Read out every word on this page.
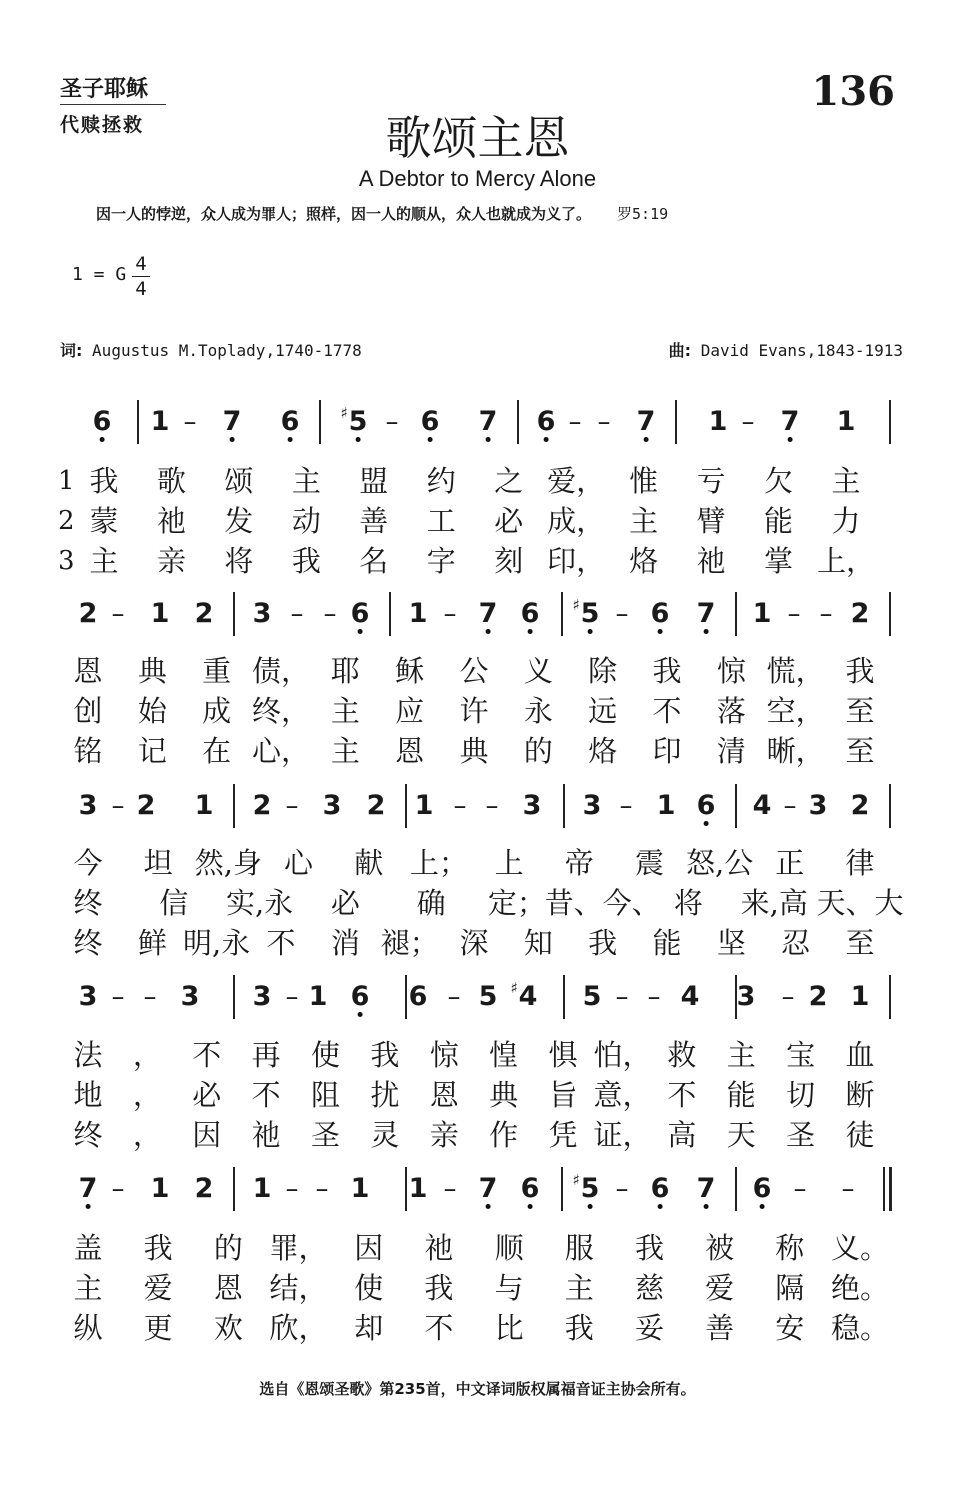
圣子耶稣
代赎拯救
136
歌颂主恩
A Debtor to Mercy Alone
因一人的悖逆，众人成为罪人；照样，因一人的顺从，众人也就成为义了。 罗5:19
1 = G 4
4
词: Augustus M.Toplady,1740-1778	曲: David Evans,1843-1913
6 1 – 7 6 5
♯ – 6 7 6 – – 7 1 – 7 1
1 我 歌 颂 主 盟 约 之 爱， 惟 亏 欠 主
2 蒙 祂 发 动 善 工 必 成， 主 臂 能 力
3 主 亲 将 我 名 字 刻 印， 烙 祂 掌 上，
2 – 1 2 3 – – 6 1 – 7 6 5
♯ – 6 7 1 – – 2
恩 典 重 债， 耶 稣 公 义 除 我 惊 慌， 我
创 始 成 终， 主 应 许 永 远 不 落 空， 至
铭 记 在 心， 主 恩 典 的 烙 印 清 晰， 至
3 – 2 1 2 – 3 2 1 – – 3 3 – 1 6 4 – 3 2
今 坦 然,身 心 献 上； 上 帝 震 怒,公 正 律
终 信 实,永 必 确 定；
昔、今、 将 来,高 天、大
终 鲜 明,永 不 消 褪； 深 知 我 能 坚 忍 至
3 – – 3 3 – 1 6 6 – 5 4
♯ 5 – – 4 3 – 2 1
法 ， 不 再 使 我 惊 惶 惧 怕， 救 主 宝 血
地 ， 必 不 阻 扰 恩 典 旨 意， 不 能 切 断
终 ， 因 祂 圣 灵 亲 作 凭 证， 高 天 圣 徒
7 – 1 2 1 – – 1 1 – 7 6 5
♯ – 6 7 6 – –
盖 我 的 罪， 因 祂 顺 服 我 被 称 义。
主 爱 恩 结， 使 我 与 主 慈 爱 隔 绝。
纵 更 欢 欣， 却 不 比 我 妥 善 安 稳。
选自《恩颂圣歌》第235首，中文译词版权属福音证主协会所有。
